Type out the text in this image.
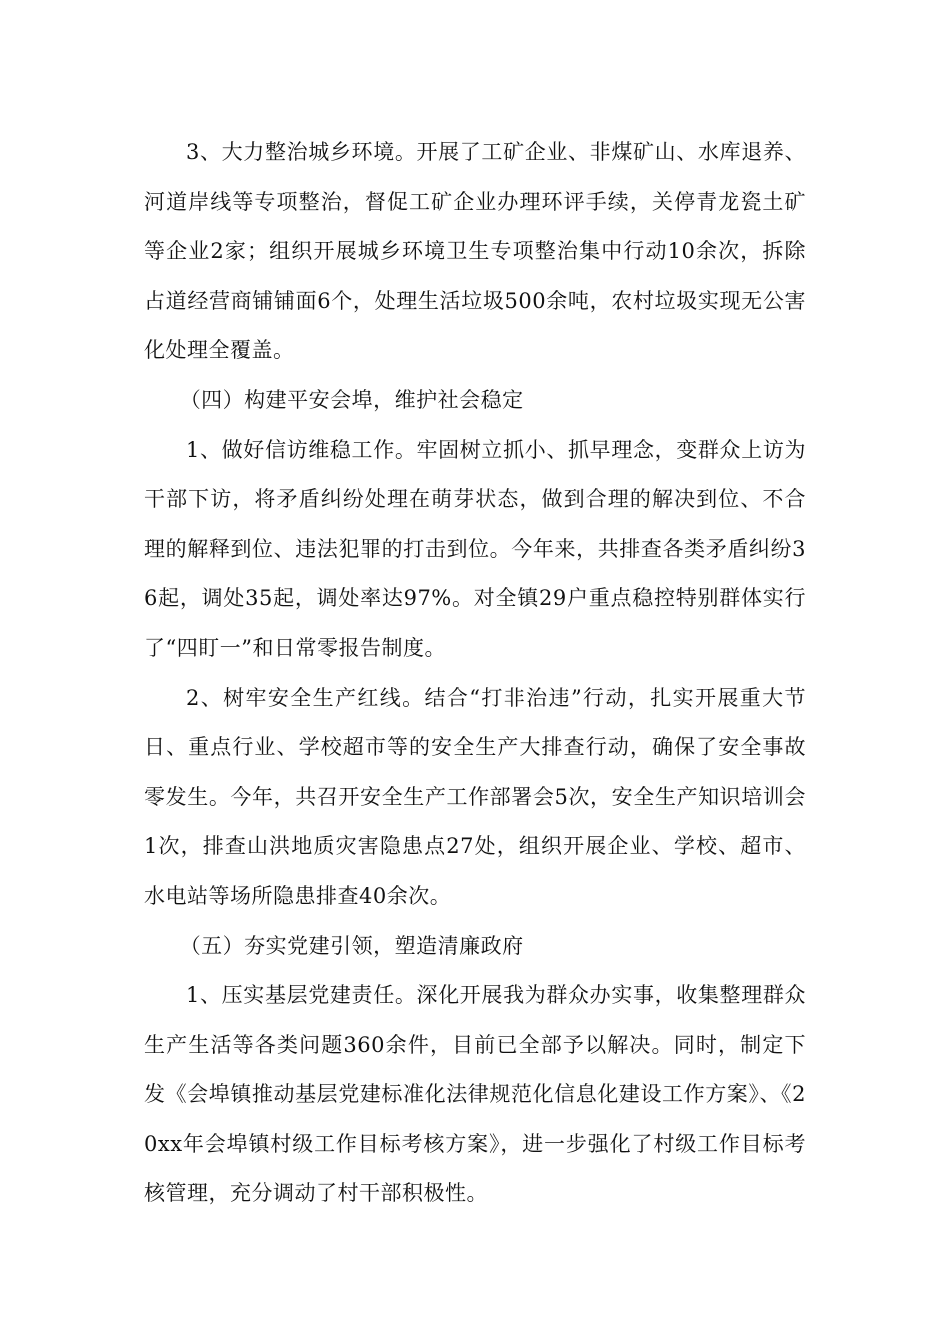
3、大力整治城乡环境。开展了工矿企业、非煤矿山、水库退养、河道岸线等专项整治，督促工矿企业办理环评手续，关停青龙瓷土矿等企业2家；组织开展城乡环境卫生专项整治集中行动10余次，拆除占道经营商铺铺面6个，处理生活垃圾500余吨，农村垃圾实现无公害化处理全覆盖。

（四）构建平安会埠，维护社会稳定

1、做好信访维稳工作。牢固树立抓小、抓早理念，变群众上访为干部下访，将矛盾纠纷处理在萌芽状态，做到合理的解决到位、不合理的解释到位、违法犯罪的打击到位。今年来，共排查各类矛盾纠纷36起，调处35起，调处率达97%。对全镇29户重点稳控特别群体实行了“四盯一”和日常零报告制度。

2、树牢安全生产红线。结合“打非治违”行动，扎实开展重大节日、重点行业、学校超市等的安全生产大排查行动，确保了安全事故零发生。今年，共召开安全生产工作部署会5次，安全生产知识培训会1次，排查山洪地质灾害隐患点27处，组织开展企业、学校、超市、水电站等场所隐患排查40余次。

（五）夯实党建引领，塑造清廉政府

1、压实基层党建责任。深化开展我为群众办实事，收集整理群众生产生活等各类问题360余件，目前已全部予以解决。同时，制定下发《会埠镇推动基层党建标准化法律规范化信息化建设工作方案》、《20xx年会埠镇村级工作目标考核方案》，进一步强化了村级工作目标考核管理，充分调动了村干部积极性。
